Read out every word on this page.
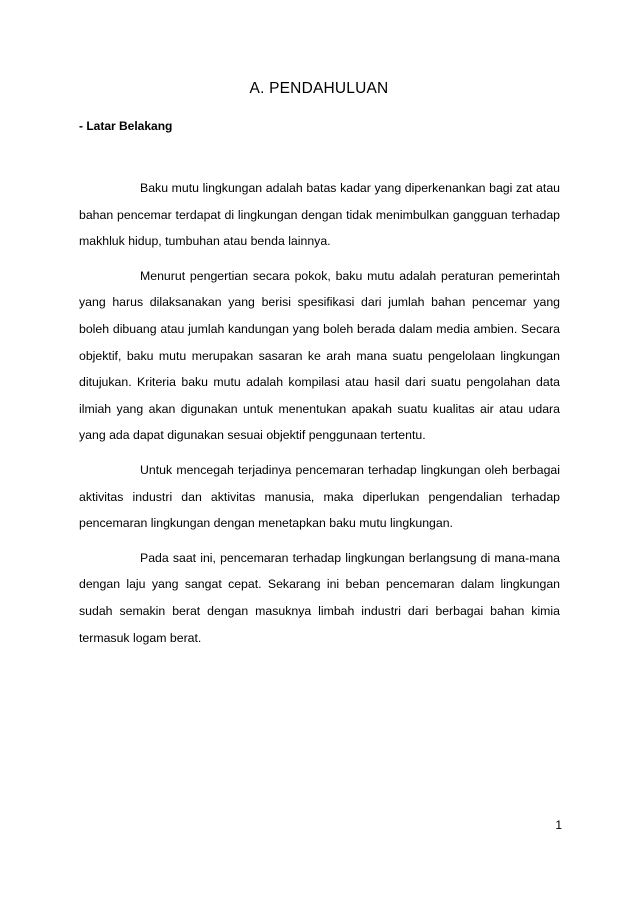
A. PENDAHULUAN
- Latar Belakang

Baku mutu lingkungan adalah batas kadar yang diperkenankan bagi zat atau bahan pencemar terdapat di lingkungan dengan tidak menimbulkan gangguan terhadap makhluk hidup, tumbuhan atau benda lainnya.

Menurut pengertian secara pokok, baku mutu adalah peraturan pemerintah yang harus dilaksanakan yang berisi spesifikasi dari jumlah bahan pencemar yang boleh dibuang atau jumlah kandungan yang boleh berada dalam media ambien. Secara objektif, baku mutu merupakan sasaran ke arah mana suatu pengelolaan lingkungan ditujukan. Kriteria baku mutu adalah kompilasi atau hasil dari suatu pengolahan data ilmiah yang akan digunakan untuk menentukan apakah suatu kualitas air atau udara yang ada dapat digunakan sesuai objektif penggunaan tertentu.

Untuk mencegah terjadinya pencemaran terhadap lingkungan oleh berbagai aktivitas industri dan aktivitas manusia, maka diperlukan pengendalian terhadap pencemaran lingkungan dengan menetapkan baku mutu lingkungan.

Pada saat ini, pencemaran terhadap lingkungan berlangsung di mana-mana dengan laju yang sangat cepat. Sekarang ini beban pencemaran dalam lingkungan sudah semakin berat dengan masuknya limbah industri dari berbagai bahan kimia termasuk logam berat.

1
